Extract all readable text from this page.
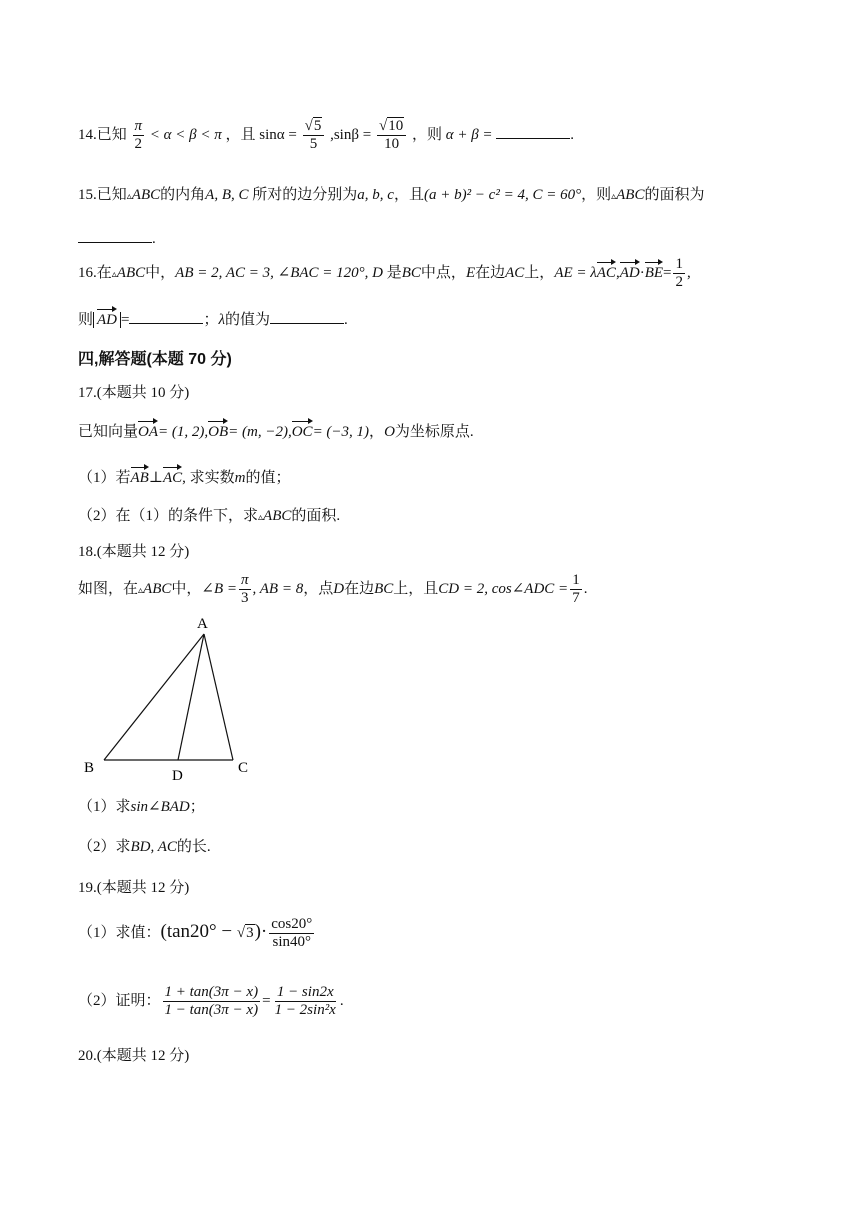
14.已知 $\frac{\pi}{2} < \alpha < \beta < \pi$ ，且 $\sin\alpha = \frac{√5}{5} ,\sin\beta = \frac{√10}{10}$ ，则 α + β =	.
15.已知▵ABC的内角A, B, C 所对的边分别为a, b, c，且(a + b)² − c² = 4, C = 60°，则▵ABC的面积为
.
16.在▵ABC中，AB = 2, AC = 3, ∠BAC = 120°, D 是BC中点，E在边AC上，AE = $\lambda AC,AD\cdot BE= \frac{1}{2}$ ,
则 AD =	；λ的值为	.
四,解答题(本题 70 分)
17.(本题共 10 分)
已知向量OA= (1, 2),OB= (m, −2),OC= (−3, 1)，O为坐标原点.
（1）若AB⊥AC, 求实数m的值；
（2）在（1）的条件下，求▵ABC的面积.
18.(本题共 12 分)
如图，在▵ABC中，∠B = $\frac{\pi}{3}$ , AB = 8，点D在边BC上，且CD = 2, cos∠ADC = $\frac{1}{7}$ .
A
B	D	C
（1）求sin∠BAD；
（2）求BD, AC的长.
19.(本题共 12 分)
（1）求值：$(\tan 20^\circ - √3)\cdot \frac{\cos 20^\circ}{\sin 40^\circ}$
（2）证明： $\frac{1 + \tan(3\pi - x)}{1 - \tan(3\pi - x)} = \frac{1 - \sin 2x}{\text{1 − 2sin²x}}$ .
20.(本题共 12 分)
